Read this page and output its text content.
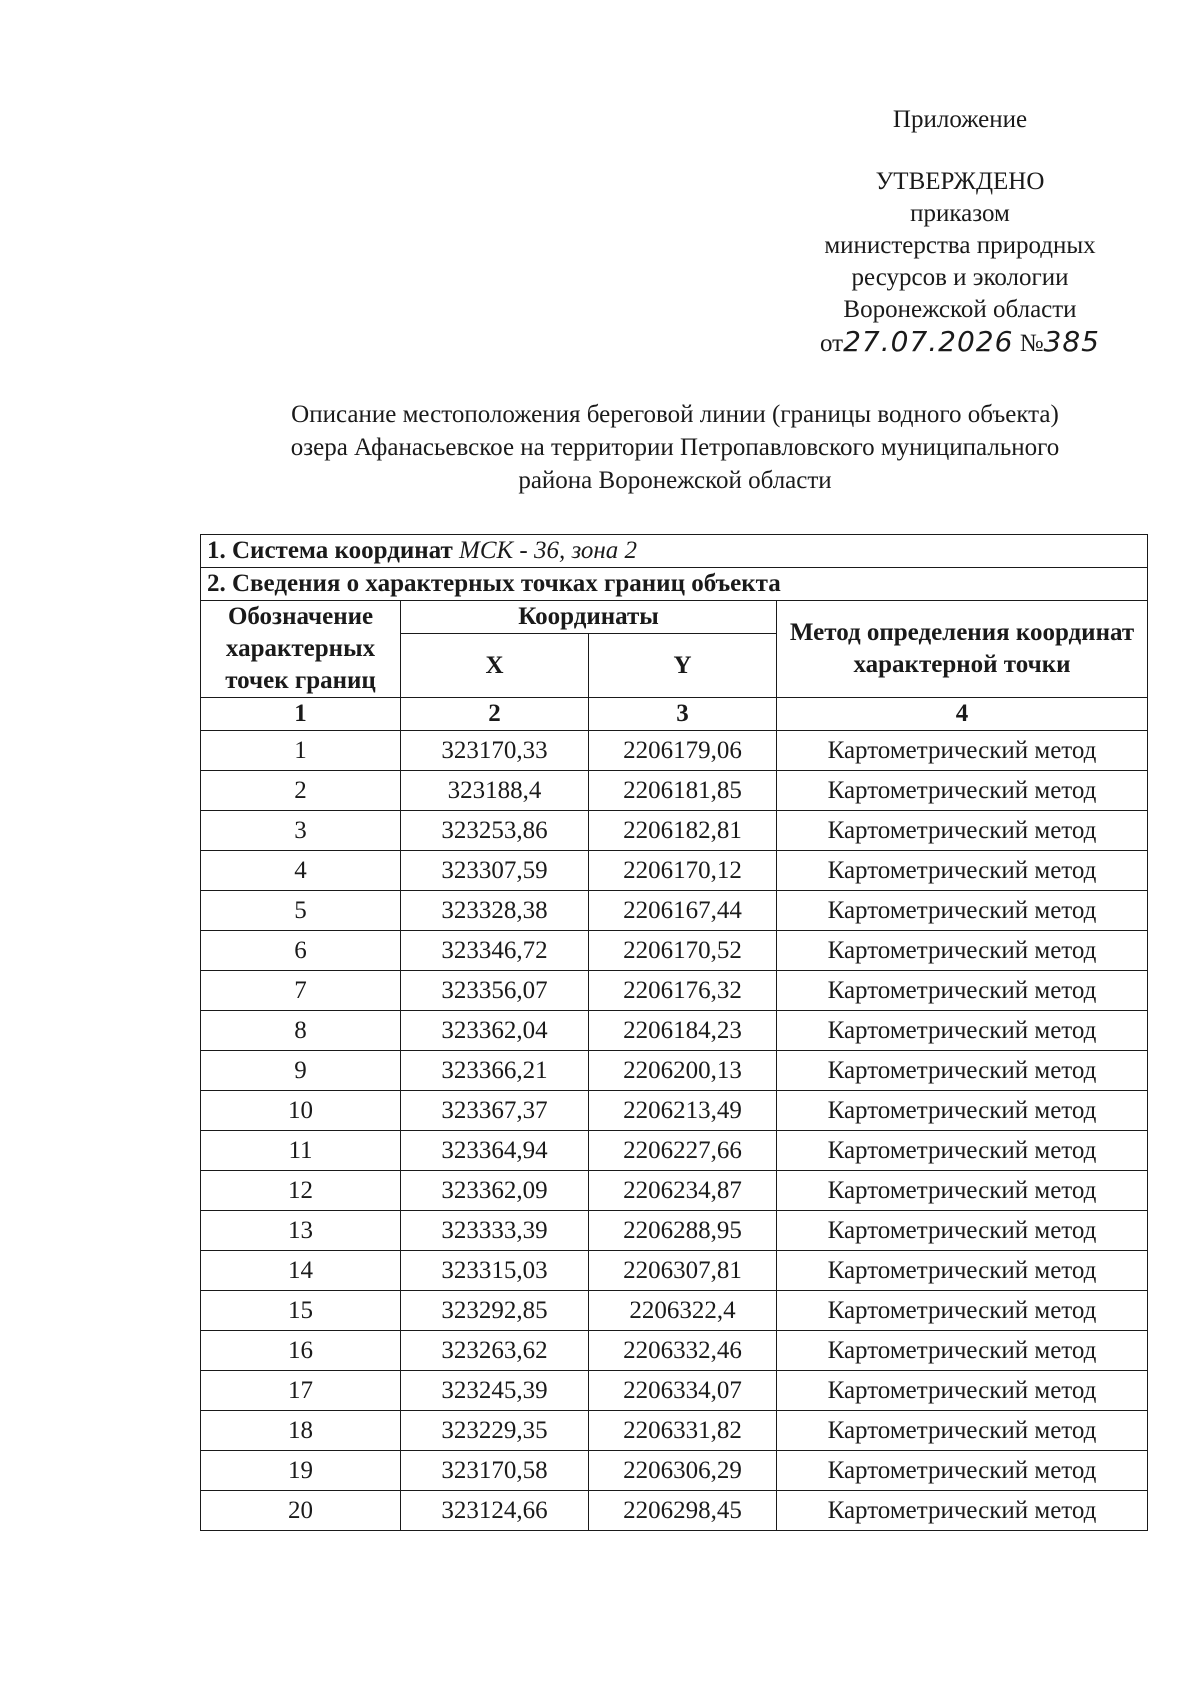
Приложение
УТВЕРЖДЕНО
приказом
министерства природных
ресурсов и экологии
Воронежской области
от27.07.2026 №385
Описание местоположения береговой линии (границы водного объекта)
озера Афанасьевское на территории Петропавловского муниципального
района Воронежской области
1. Система координат МСК - 36, зона 2			
2. Сведения о характерных точках границ объекта			
Обозначение характерных точек границ	Координаты		Метод определения координат характерной точки
	X	Y	
1	2	3	4
1	323170,33	2206179,06	Картометрический метод
2	323188,4	2206181,85	Картометрический метод
3	323253,86	2206182,81	Картометрический метод
4	323307,59	2206170,12	Картометрический метод
5	323328,38	2206167,44	Картометрический метод
6	323346,72	2206170,52	Картометрический метод
7	323356,07	2206176,32	Картометрический метод
8	323362,04	2206184,23	Картометрический метод
9	323366,21	2206200,13	Картометрический метод
10	323367,37	2206213,49	Картометрический метод
11	323364,94	2206227,66	Картометрический метод
12	323362,09	2206234,87	Картометрический метод
13	323333,39	2206288,95	Картометрический метод
14	323315,03	2206307,81	Картометрический метод
15	323292,85	2206322,4	Картометрический метод
16	323263,62	2206332,46	Картометрический метод
17	323245,39	2206334,07	Картометрический метод
18	323229,35	2206331,82	Картометрический метод
19	323170,58	2206306,29	Картометрический метод
20	323124,66	2206298,45	Картометрический метод
